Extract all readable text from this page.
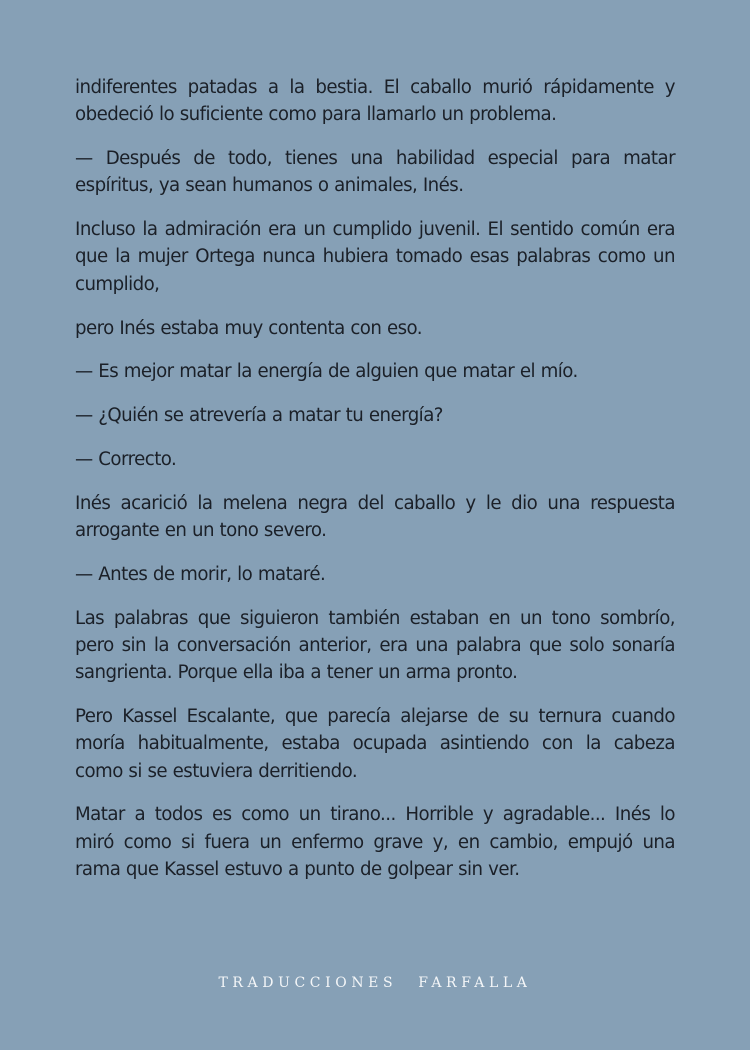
indiferentes patadas a la bestia. El caballo murió rápidamente y obedeció lo suficiente como para llamarlo un problema.

— Después de todo, tienes una habilidad especial para matar espíritus, ya sean humanos o animales, Inés.

Incluso la admiración era un cumplido juvenil. El sentido común era que la mujer Ortega nunca hubiera tomado esas palabras como un cumplido,

pero Inés estaba muy contenta con eso.

— Es mejor matar la energía de alguien que matar el mío.

— ¿Quién se atrevería a matar tu energía?

— Correcto.

Inés acarició la melena negra del caballo y le dio una respuesta arrogante en un tono severo.

— Antes de morir, lo mataré.

Las palabras que siguieron también estaban en un tono sombrío, pero sin la conversación anterior, era una palabra que solo sonaría sangrienta. Porque ella iba a tener un arma pronto.

Pero Kassel Escalante, que parecía alejarse de su ternura cuando moría habitualmente, estaba ocupada asintiendo con la cabeza como si se estuviera derritiendo.

Matar a todos es como un tirano... Horrible y agradable... Inés lo miró como si fuera un enfermo grave y, en cambio, empujó una rama que Kassel estuvo a punto de golpear sin ver.

TRADUCCIONES FARFALLA
